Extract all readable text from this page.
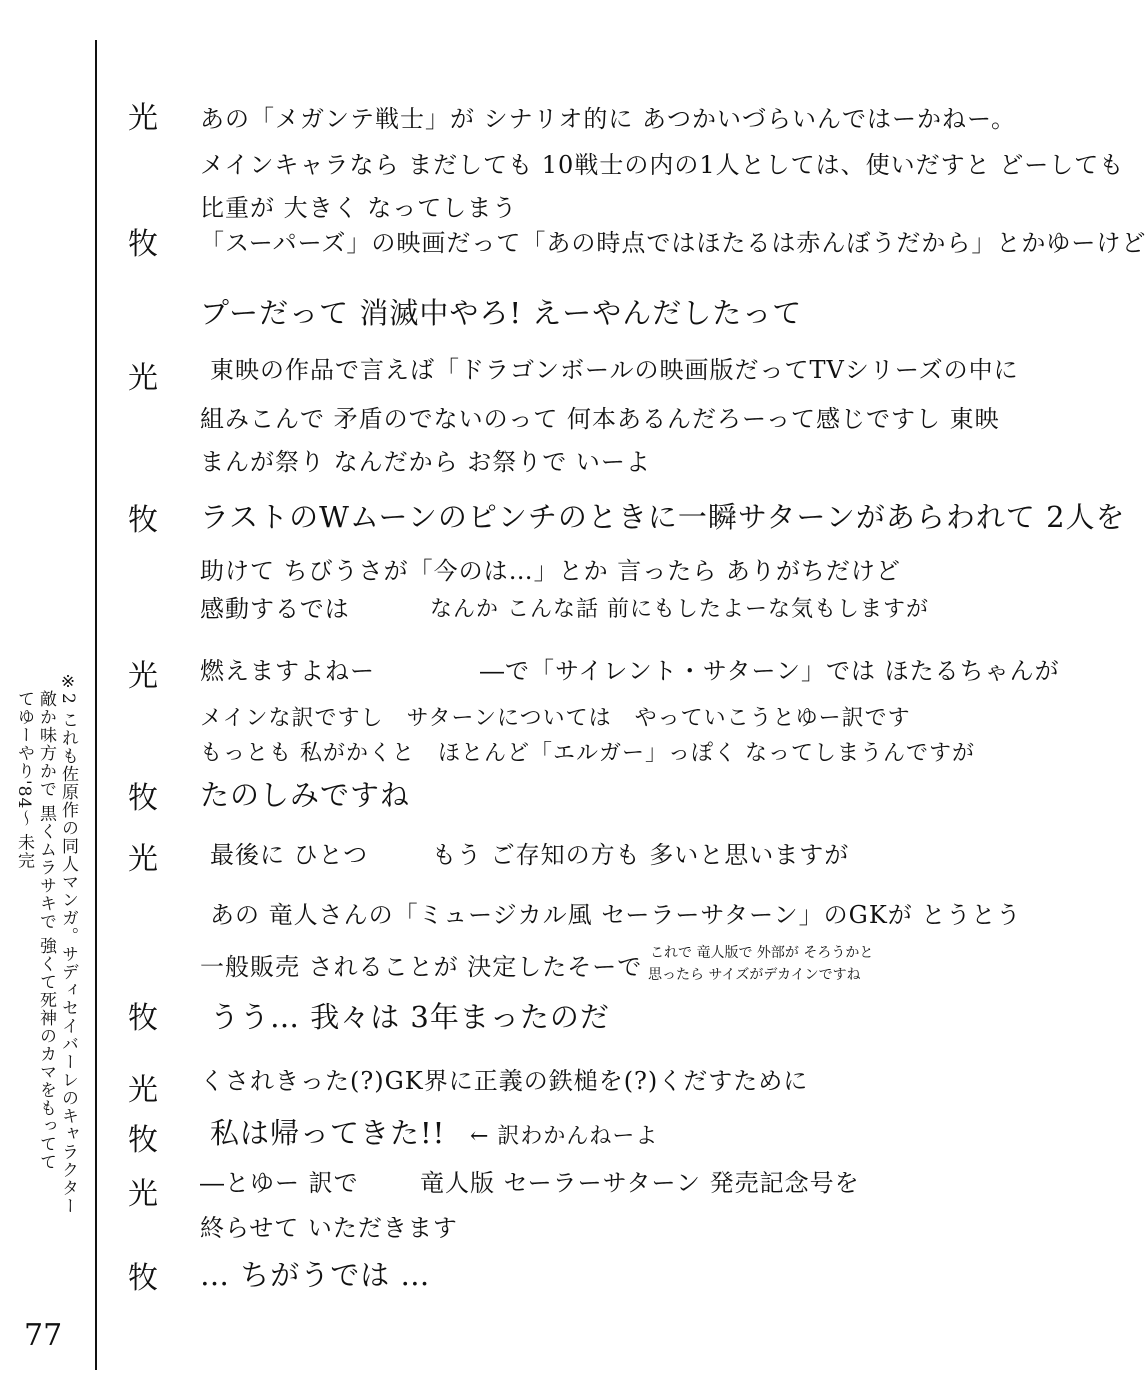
※2 これも佐原作の同人マンガ。サディセイバーレのキャラクター
敵か味方かで 黒くムラサキで 強くて死神のカマをもってて
てゆーやり'84〜 未完
光 あの「メガンテ戦士」が シナリオ的に あつかいづらいんではーかねー。
メインキャラなら まだしても 10戦士の内の1人としては、使いだすと どーしても
比重が 大きく なってしまう
牧 「スーパーズ」の映画だって「あの時点ではほたるは赤んぼうだから」とかゆーけど
プーだって 消滅中やろ! えーやんだしたって
光 東映の作品で言えば「ドラゴンボールの映画版だってTVシリーズの中に
組みこんで 矛盾のでないのって 何本あるんだろーって感じですし 東映
まんが祭り なんだから お祭りで いーよ
牧 ラストのWムーンのピンチのときに一瞬サターンがあらわれて 2人を
助けて ちびうさが「今のは…」とか 言ったら ありがちだけど
感動するでは	なんか こんな話 前にもしたよーな気もしますが
光 燃えますよねー	―で「サイレント・サターン」では ほたるちゃんが
メインな訳ですし　サターンについては　やっていこうとゆー訳です
もっとも 私がかくと　ほとんど「エルガー」っぽく なってしまうんですが
牧 たのしみですね
光 最後に ひとつ	もう ご存知の方も 多いと思いますが
あの 竜人さんの「ミュージカル風 セーラーサターン」のGKが とうとう
一般販売 されることが 決定したそーで これで 竜人版で 外部が そろうかと
思ったら サイズがデカインですね
牧 うう… 我々は 3年まったのだ
光 くされきった(?)GK界に正義の鉄槌を(?)くだすために
牧 私は帰ってきた!! ← 訳わかんねーよ
光 ―とゆー 訳で	竜人版 セーラーサターン 発売記念号を
終らせて いただきます
牧 … ちがうでは …
77
